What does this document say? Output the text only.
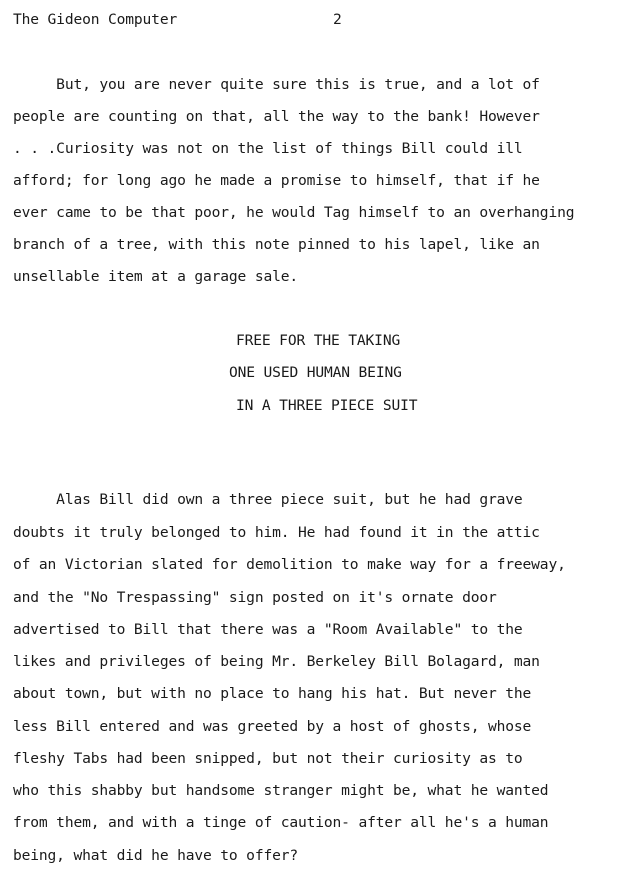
The Gideon Computer	2
But, you are never quite sure this is true, and a lot of
people are counting on that, all the way to the bank! However
. . .Curiosity was not on the list of things Bill could ill
afford; for long ago he made a promise to himself, that if he
ever came to be that poor, he would Tag himself to an overhanging
branch of a tree, with this note pinned to his lapel, like an
unsellable item at a garage sale.
FREE FOR THE TAKING
ONE USED HUMAN BEING
IN A THREE PIECE SUIT
Alas Bill did own a three piece suit, but he had grave
doubts it truly belonged to him. He had found it in the attic
of an Victorian slated for demolition to make way for a freeway,
and the "No Trespassing" sign posted on it's ornate door
advertised to Bill that there was a "Room Available" to the
likes and privileges of being Mr. Berkeley Bill Bolagard, man
about town, but with no place to hang his hat. But never the
less Bill entered and was greeted by a host of ghosts, whose
fleshy Tabs had been snipped, but not their curiosity as to
who this shabby but handsome stranger might be, what he wanted
from them, and with a tinge of caution- after all he's a human
being, what did he have to offer?
